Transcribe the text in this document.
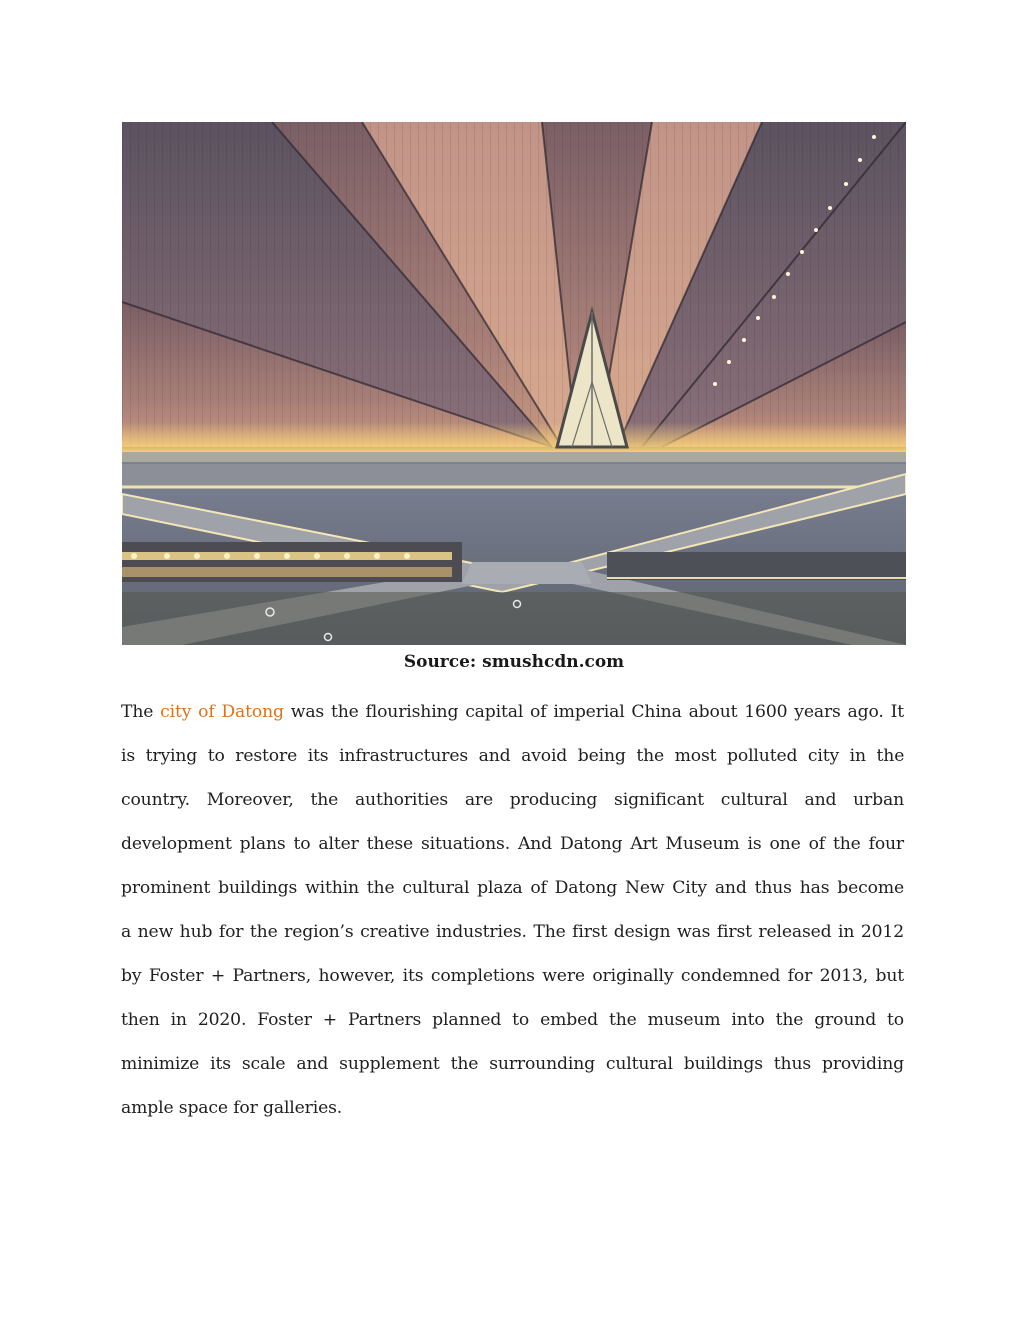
Source: smushcdn.com
The city of Datong was the flourishing capital of imperial China about 1600 years ago. It
is trying to restore its infrastructures and avoid being the most polluted city in the
country. Moreover, the authorities are producing significant cultural and urban
development plans to alter these situations. And Datong Art Museum is one of the four
prominent buildings within the cultural plaza of Datong New City and thus has become
a new hub for the region’s creative industries. The first design was first released in 2012
by Foster + Partners, however, its completions were originally condemned for 2013, but
then in 2020. Foster + Partners planned to embed the museum into the ground to
minimize its scale and supplement the surrounding cultural buildings thus providing
ample space for galleries.
